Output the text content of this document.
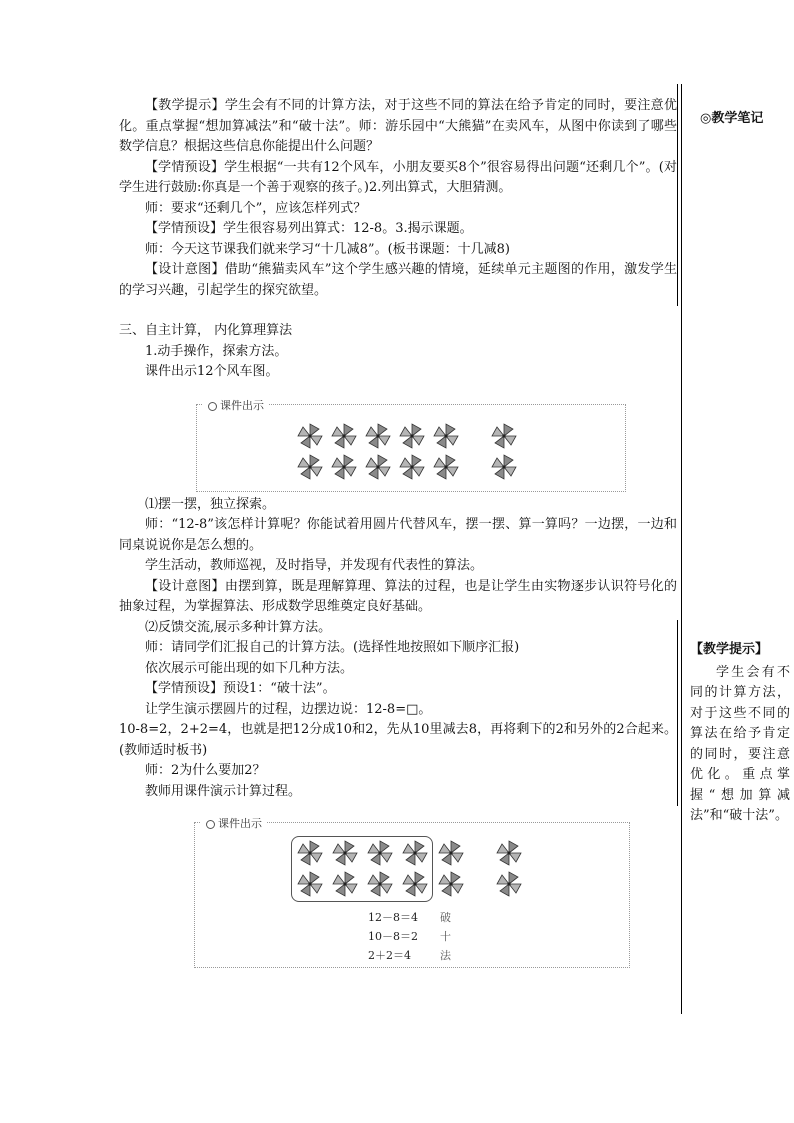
◎教学笔记
【教学提示】

学生会有不同的计算方法，对于这些不同的算法在给予肯定的同时，要注意优化。重点掌握“想加算减法”和“破十法”。

【教学提示】学生会有不同的计算方法，对于这些不同的算法在给予肯定的同时，要注意优化。重点掌握“想加算减法”和“破十法”。师：游乐园中“大熊猫”在卖风车，从图中你读到了哪些数学信息？根据这些信息你能提出什么问题？

【学情预设】学生根据“一共有12个风车，小朋友要买8个”很容易得出问题“还剩几个”。(对学生进行鼓励:你真是一个善于观察的孩子。)2.列出算式，大胆猜测。

师：要求“还剩几个”，应该怎样列式？

【学情预设】学生很容易列出算式：12-8。3.揭示课题。

师：今天这节课我们就来学习“十几减8”。(板书课题：十几减8)

【设计意图】借助“熊猫卖风车”这个学生感兴趣的情境，延续单元主题图的作用，激发学生的学习兴趣，引起学生的探究欲望。

三、自主计算， 内化算理算法

1.动手操作，探索方法。

课件出示12个风车图。

⑴摆一摆，独立探索。

师：“12-8”该怎样计算呢？你能试着用圆片代替风车，摆一摆、算一算吗？一边摆，一边和同桌说说你是怎么想的。

学生活动，教师巡视，及时指导，并发现有代表性的算法。

【设计意图】由摆到算，既是理解算理、算法的过程，也是让学生由实物逐步认识符号化的抽象过程，为掌握算法、形成数学思维奠定良好基础。

⑵反馈交流,展示多种计算方法。

师：请同学们汇报自己的计算方法。(选择性地按照如下顺序汇报)

依次展示可能出现的如下几种方法。

【学情预设】预设1：“破十法”。

让学生演示摆圆片的过程，边摆边说：12-8=□。

10-8=2，2+2=4，也就是把12分成10和2，先从10里减去8，再将剩下的2和另外的2合起来。(教师适时板书)

师：2为什么要加2？

教师用课件演示计算过程。

课件出示
课件出示
12－8＝4
10－8＝2
2＋2＝4
破
十
法
